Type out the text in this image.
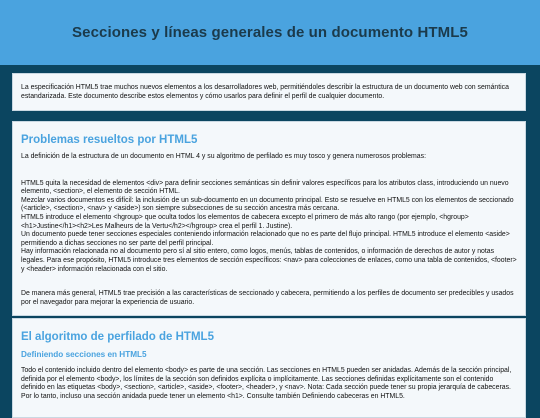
Secciones y líneas generales de un documento HTML5

La especificación HTML5 trae muchos nuevos elementos a los desarrolladores web, permitiéndoles describir la estructura de un documento web con semántica estandarizada. Este documento describe estos elementos y cómo usarlos para definir el perfil de cualquier documento.

Problemas resueltos por HTML5

La definición de la estructura de un documento en HTML 4 y su algoritmo de perfilado es muy tosco y genera numerosos problemas:

HTML5 quita la necesidad de elementos <div> para definir secciones semánticas sin definir valores específicos para los atributos class, introduciendo un nuevo elemento, <section>, el elemento de sección HTML.

Mezclar varios documentos es difícil: la inclusión de un sub-documento en un documento principal. Esto se resuelve en HTML5 con los elementos de seccionado (<article>, <section>, <nav> y <aside>) son siempre subsecciones de su sección ancestra más cercana.

HTML5 introduce el elemento <hgroup> que oculta todos los elementos de cabecera excepto el primero de más alto rango (por ejemplo, <hgroup><h1>Justine</h1><h2>Les Malheurs de la Vertu</h2></hgroup> crea el perfil 1. Justine).

Un documento puede tener secciones especiales conteniendo información relacionado que no es parte del flujo principal. HTML5 introduce el elemento <aside> permitiendo a dichas secciones no ser parte del perfil principal.

Hay información relacionada no al documento pero sí al sitio entero, como logos, menús, tablas de contenidos, o información de derechos de autor y notas legales. Para ese propósito, HTML5 introduce tres elementos de sección específicos: <nav> para colecciones de enlaces, como una tabla de contenidos, <footer> y <header> información relacionada con el sitio.

De manera más general, HTML5 trae precisión a las características de seccionado y cabecera, permitiendo a los perfiles de documento ser predecibles y usados por el navegador para mejorar la experiencia de usuario.

El algoritmo de perfilado de HTML5
Definiendo secciones en HTML5

Todo el contenido incluido dentro del elemento <body> es parte de una sección. Las secciones en HTML5 pueden ser anidadas. Además de la sección principal, definida por el elemento <body>, los límites de la sección son definidos explícita o implícitamente. Las secciones definidas explícitamente son el contenido definido en las etiquetas <body>, <section>, <article>, <aside>, <footer>, <header>, y <nav>. Nota: Cada sección puede tener su propia jerarquía de cabeceras. Por lo tanto, incluso una sección anidada puede tener un elemento <h1>. Consulte también Definiendo cabeceras en HTML5.
